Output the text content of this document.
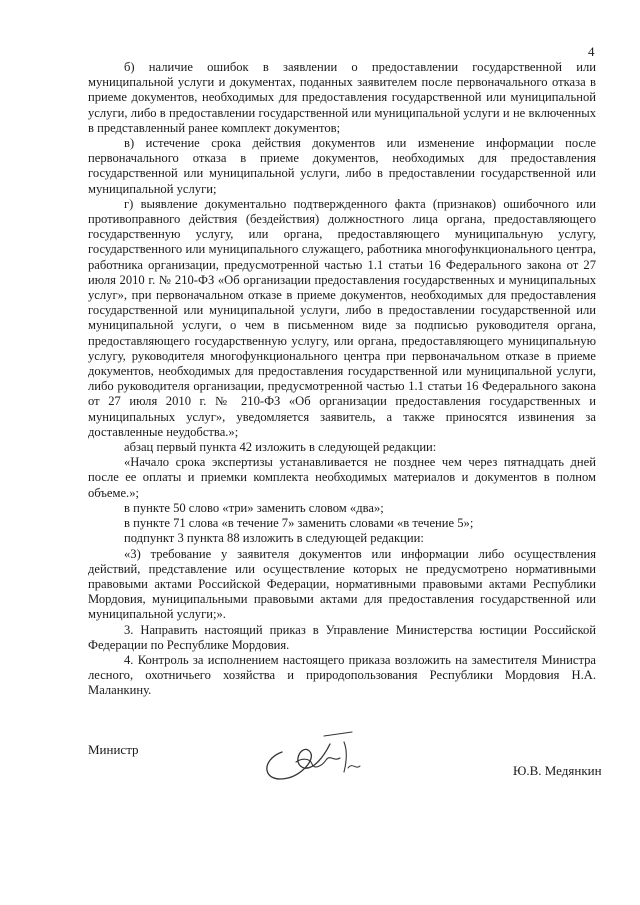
4

б) наличие ошибок в заявлении о предоставлении государственной или муниципальной услуги и документах, поданных заявителем после первоначального отказа в приеме документов, необходимых для предоставления государственной или муниципальной услуги, либо в предоставлении государственной или муниципальной услуги и не включенных в представленный ранее комплект документов;

в) истечение срока действия документов или изменение информации после первоначального отказа в приеме документов, необходимых для предоставления государственной или муниципальной услуги, либо в предоставлении государственной или муниципальной услуги;

г) выявление документально подтвержденного факта (признаков) ошибочного или противоправного действия (бездействия) должностного лица органа, предоставляющего государственную услугу, или органа, предоставляющего муниципальную услугу, государственного или муниципального служащего, работника многофункционального центра, работника организации, предусмотренной частью 1.1 статьи 16 Федерального закона от 27 июля 2010 г. № 210-ФЗ «Об организации предоставления государственных и муниципальных услуг», при первоначальном отказе в приеме документов, необходимых для предоставления государственной или муниципальной услуги, либо в предоставлении государственной или муниципальной услуги, о чем в письменном виде за подписью руководителя органа, предоставляющего государственную услугу, или органа, предоставляющего муниципальную услугу, руководителя многофункционального центра при первоначальном отказе в приеме документов, необходимых для предоставления государственной или муниципальной услуги, либо руководителя организации, предусмотренной частью 1.1 статьи 16 Федерального закона от 27 июля 2010 г. № 210-ФЗ «Об организации предоставления государственных и муниципальных услуг», уведомляется заявитель, а также приносятся извинения за доставленные неудобства.»;

абзац первый пункта 42 изложить в следующей редакции:

«Начало срока экспертизы устанавливается не позднее чем через пятнадцать дней после ее оплаты и приемки комплекта необходимых материалов и документов в полном объеме.»;

в пункте 50 слово «три» заменить словом «два»;

в пункте 71 слова «в течение 7» заменить словами «в течение 5»;

подпункт 3 пункта 88 изложить в следующей редакции:

«3) требование у заявителя документов или информации либо осуществления действий, представление или осуществление которых не предусмотрено нормативными правовыми актами Российской Федерации, нормативными правовыми актами Республики Мордовия, муниципальными правовыми актами для предоставления государственной или муниципальной услуги;».

3. Направить настоящий приказ в Управление Министерства юстиции Российской Федерации по Республике Мордовия.

4. Контроль за исполнением настоящего приказа возложить на заместителя Министра лесного, охотничьего хозяйства и природопользования Республики Мордовия Н.А. Маланкину.

Министр
Ю.В. Медянкин
